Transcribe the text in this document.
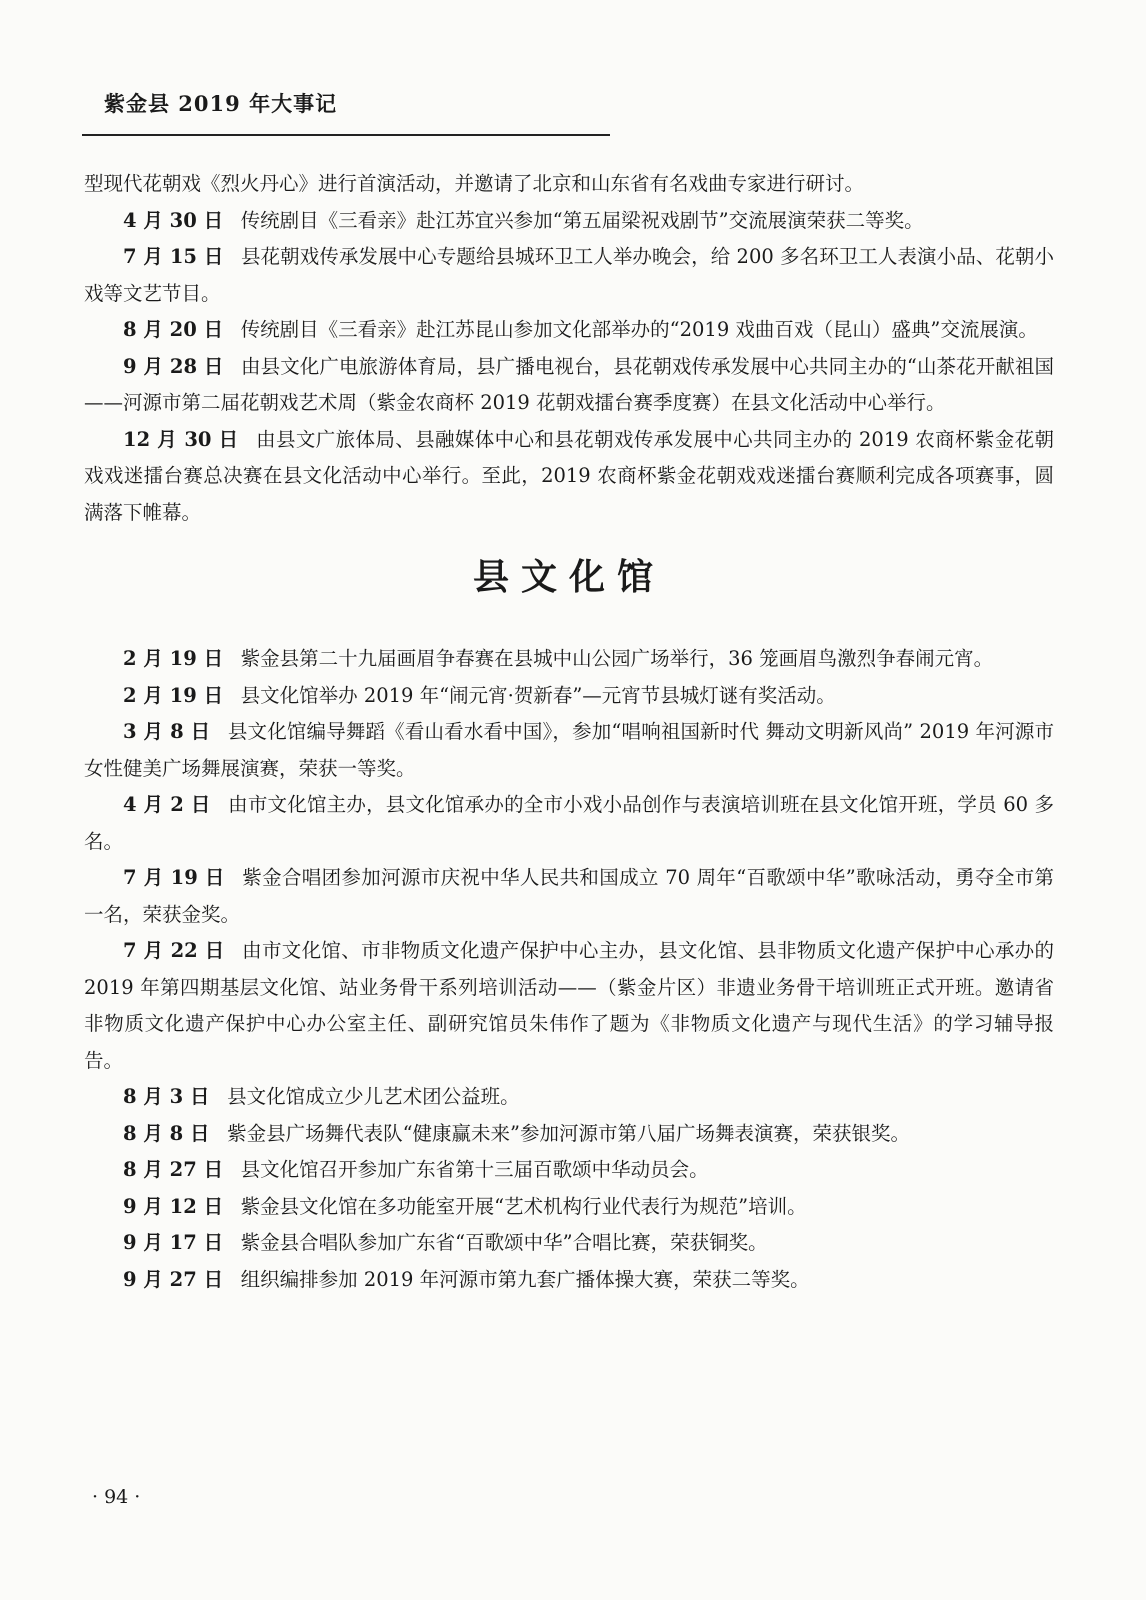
紫金县 2019 年大事记

型现代花朝戏《烈火丹心》进行首演活动，并邀请了北京和山东省有名戏曲专家进行研讨。

4 月 30 日 传统剧目《三看亲》赴江苏宜兴参加“第五届梁祝戏剧节”交流展演荣获二等奖。

7 月 15 日 县花朝戏传承发展中心专题给县城环卫工人举办晚会，给 200 多名环卫工人表演小品、花朝小戏等文艺节目。

8 月 20 日 传统剧目《三看亲》赴江苏昆山参加文化部举办的“2019 戏曲百戏（昆山）盛典”交流展演。

9 月 28 日 由县文化广电旅游体育局，县广播电视台，县花朝戏传承发展中心共同主办的“山茶花开献祖国——河源市第二届花朝戏艺术周（紫金农商杯 2019 花朝戏擂台赛季度赛）在县文化活动中心举行。

12 月 30 日 由县文广旅体局、县融媒体中心和县花朝戏传承发展中心共同主办的 2019 农商杯紫金花朝戏戏迷擂台赛总决赛在县文化活动中心举行。至此，2019 农商杯紫金花朝戏戏迷擂台赛顺利完成各项赛事，圆满落下帷幕。

县文化馆

2 月 19 日 紫金县第二十九届画眉争春赛在县城中山公园广场举行，36 笼画眉鸟激烈争春闹元宵。

2 月 19 日 县文化馆举办 2019 年“闹元宵·贺新春”—元宵节县城灯谜有奖活动。

3 月 8 日 县文化馆编导舞蹈《看山看水看中国》，参加“唱响祖国新时代 舞动文明新风尚” 2019 年河源市女性健美广场舞展演赛，荣获一等奖。

4 月 2 日 由市文化馆主办，县文化馆承办的全市小戏小品创作与表演培训班在县文化馆开班，学员 60 多名。

7 月 19 日 紫金合唱团参加河源市庆祝中华人民共和国成立 70 周年“百歌颂中华”歌咏活动，勇夺全市第一名，荣获金奖。

7 月 22 日 由市文化馆、市非物质文化遗产保护中心主办，县文化馆、县非物质文化遗产保护中心承办的 2019 年第四期基层文化馆、站业务骨干系列培训活动——（紫金片区）非遗业务骨干培训班正式开班。邀请省非物质文化遗产保护中心办公室主任、副研究馆员朱伟作了题为《非物质文化遗产与现代生活》的学习辅导报告。

8 月 3 日 县文化馆成立少儿艺术团公益班。

8 月 8 日 紫金县广场舞代表队“健康赢未来”参加河源市第八届广场舞表演赛，荣获银奖。

8 月 27 日 县文化馆召开参加广东省第十三届百歌颂中华动员会。

9 月 12 日 紫金县文化馆在多功能室开展“艺术机构行业代表行为规范”培训。

9 月 17 日 紫金县合唱队参加广东省“百歌颂中华”合唱比赛，荣获铜奖。

9 月 27 日 组织编排参加 2019 年河源市第九套广播体操大赛，荣获二等奖。

· 94 ·
